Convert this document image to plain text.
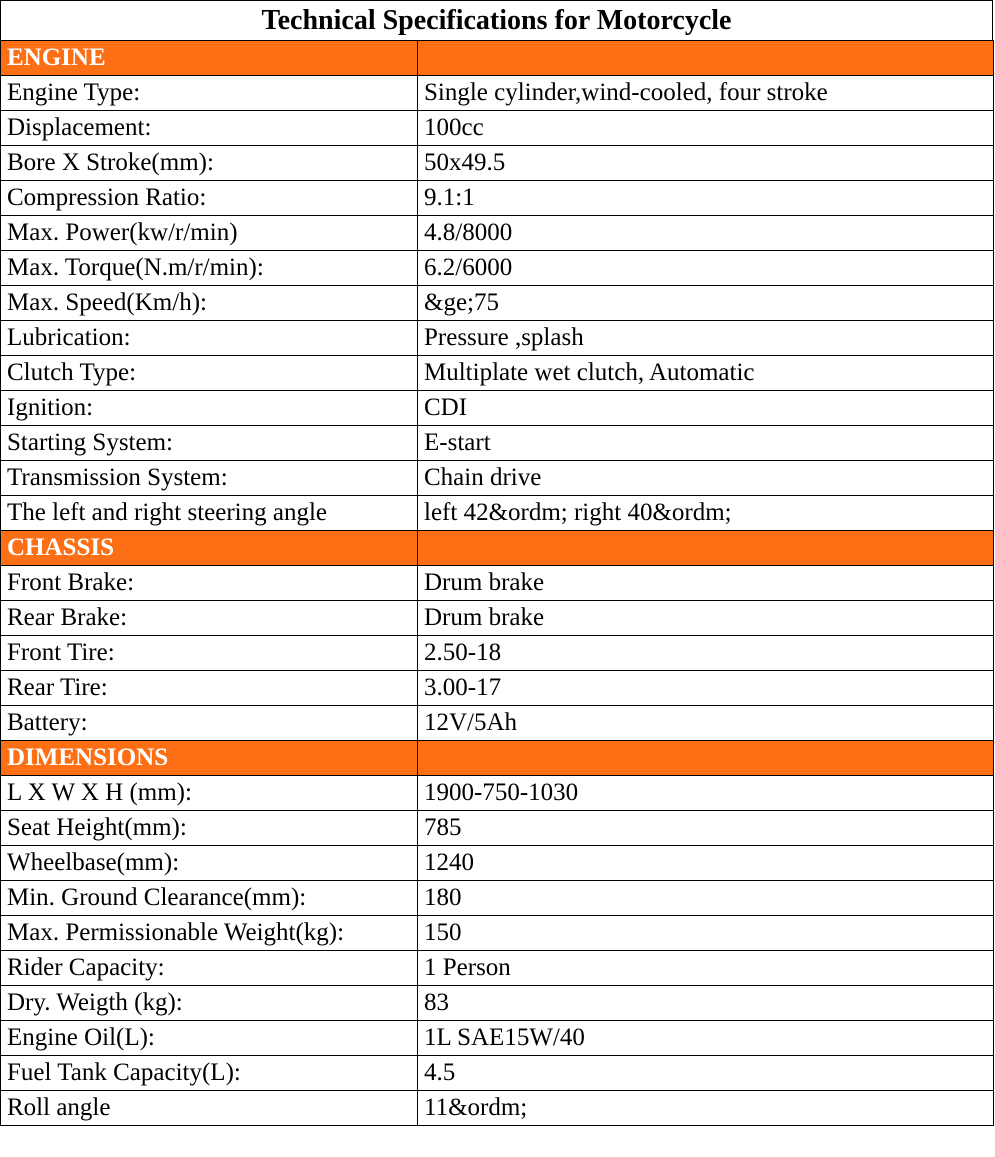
Technical Specifications for Motorcycle
ENGINE	
Engine Type:	Single cylinder,wind-cooled, four stroke
Displacement:	100cc
Bore X Stroke(mm):	50x49.5
Compression Ratio:	9.1:1
Max. Power(kw/r/min)	4.8/8000
Max. Torque(N.m/r/min):	6.2/6000
Max. Speed(Km/h):	&ge;75
Lubrication:	Pressure ,splash
Clutch Type:	Multiplate wet clutch, Automatic
Ignition:	CDI
Starting System:	E-start
Transmission System:	Chain drive
The left and right steering angle	left 42&ordm; right 40&ordm;
CHASSIS	
Front Brake:	Drum brake
Rear Brake:	Drum brake
Front Tire:	2.50-18
Rear Tire:	3.00-17
Battery:	12V/5Ah
DIMENSIONS	
L X W X H (mm):	1900-750-1030
Seat Height(mm):	785
Wheelbase(mm):	1240
Min. Ground Clearance(mm):	180
Max. Permissionable Weight(kg):	150
Rider Capacity:	1 Person
Dry. Weigth (kg):	83
Engine Oil(L):	1L SAE15W/40
Fuel Tank Capacity(L):	4.5
Roll angle	11&ordm;
